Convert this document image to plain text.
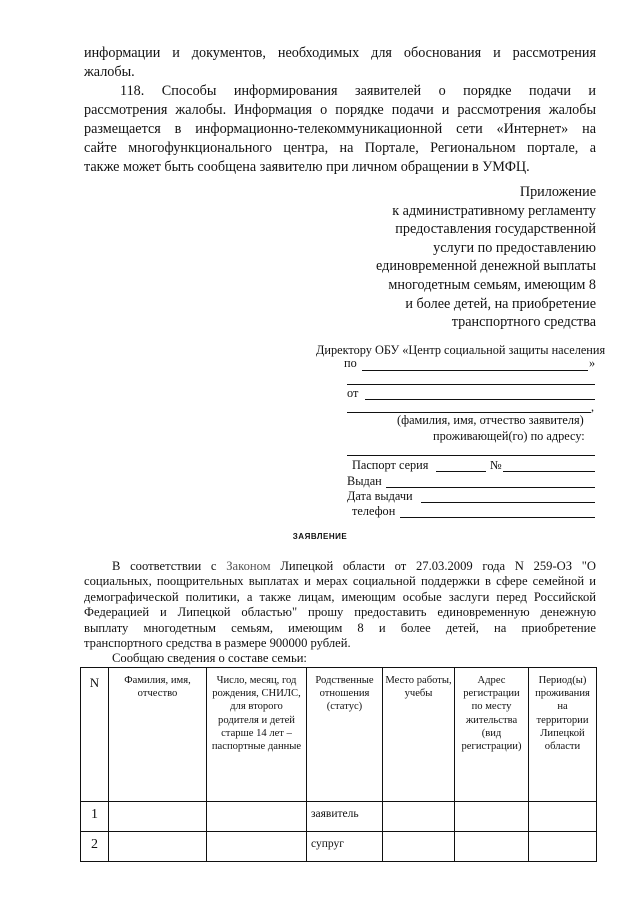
информации и документов, необходимых для обоснования и рассмотрения
жалобы.
118. Способы информирования заявителей о порядке подачи и
рассмотрения жалобы. Информация о порядке подачи и рассмотрения жалобы
размещается в информационно-телекоммуникационной сети «Интернет» на
сайте многофункционального центра, на Портале, Региональном портале, а
также может быть сообщена заявителю при личном обращении в УМФЦ.
Приложение
к административному регламенту
предоставления государственной
услуги по предоставлению
единовременной денежной выплаты
многодетным семьям, имеющим 8
и более детей, на приобретение
транспортного средства
Директору ОБУ «Центр социальной защиты населения
по	»
от
,
(фамилия, имя, отчество заявителя)
проживающей(го) по адресу:
Паспорт серия	№
Выдан
Дата выдачи
телефон
ЗАЯВЛЕНИЕ
В соответствии с Законом Липецкой области от 27.03.2009 года N 259-ОЗ "О
социальных, поощрительных выплатах и мерах социальной поддержки в сфере семейной и
демографической политики, а также лицам, имеющим особые заслуги перед Российской
Федерацией и Липецкой областью" прошу предоставить единовременную денежную
выплату многодетным семьям, имеющим 8 и более детей, на приобретение
транспортного средства в размере 900000 рублей.
Сообщаю сведения о составе семьи:
N	Фамилия, имя, отчество	Число, месяц, год рождения, СНИЛС, для второго родителя и детей старше 14 лет – паспортные данные	Родственные отношения (статус)	Место работы, учебы	Адрес регистрации по месту жительства (вид регистрации)	Период(ы) проживания на территории Липецкой области
1			заявитель			
2			супруг			
